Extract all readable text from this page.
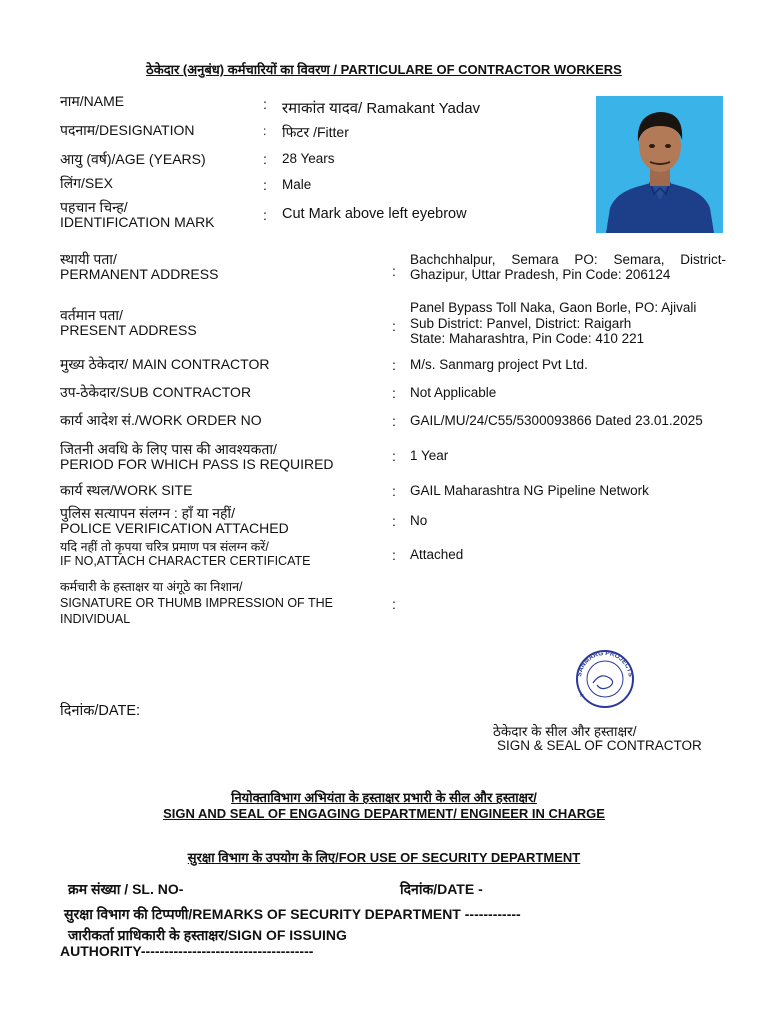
ठेकेदार (अनुबंध) कर्मचारियों का विवरण / PARTICULARE OF CONTRACTOR WORKERS
नाम/NAME	: रमाकांत यादव/ Ramakant Yadav
पदनाम/DESIGNATION	: फिटर /Fitter
आयु (वर्ष)/AGE (YEARS)	: 28 Years
लिंग/SEX	: Male
पहचान चिन्ह/
IDENTIFICATION MARK	: Cut Mark above left eyebrow
स्थायी पता/
PERMANENT ADDRESS	:
Bachchhalpur, Semara PO: Semara, District-Ghazipur, Uttar Pradesh, Pin Code: 206124
वर्तमान पता/
PRESENT ADDRESS	:
Panel Bypass Toll Naka, Gaon Borle, PO: Ajivali
Sub District: Panvel, District: Raigarh
State: Maharashtra, Pin Code: 410 221
मुख्य ठेकेदार/ MAIN CONTRACTOR	: M/s. Sanmarg project Pvt Ltd.
उप-ठेकेदार/SUB CONTRACTOR	: Not Applicable
कार्य आदेश सं./WORK ORDER NO	: GAIL/MU/24/C55/5300093866 Dated 23.01.2025
जितनी अवधि के लिए पास की आवश्यकता/
PERIOD FOR WHICH PASS IS REQUIRED	: 1 Year
कार्य स्थल/WORK SITE	: GAIL Maharashtra NG Pipeline Network
पुलिस सत्यापन संलग्न : हाँ या नहीं/
POLICE VERIFICATION ATTACHED	: No
यदि नहीं तो कृपया चरित्र प्रमाण पत्र संलग्न करें/
IF NO,ATTACH CHARACTER CERTIFICATE	: Attached
कर्मचारी के हस्ताक्षर या अंगूठे का निशान/
SIGNATURE OR THUMB IMPRESSION OF THE
INDIVIDUAL
:
SANMARG PROJECTS
★
दिनांक/DATE:
ठेकेदार के सील और हस्ताक्षर/
SIGN & SEAL OF CONTRACTOR
नियोक्ताविभाग अभियंता के हस्ताक्षर प्रभारी के सील और हस्ताक्षर/
SIGN AND SEAL OF ENGAGING DEPARTMENT/ ENGINEER IN CHARGE
सुरक्षा विभाग के उपयोग के लिए/FOR USE OF SECURITY DEPARTMENT
क्रम संख्या / SL. NO-	दिनांक/DATE -
सुरक्षा विभाग की टिप्पणी/REMARKS OF SECURITY DEPARTMENT ------------
जारीकर्ता प्राधिकारी के हस्ताक्षर/SIGN OF ISSUING
AUTHORITY-------------------------------------
